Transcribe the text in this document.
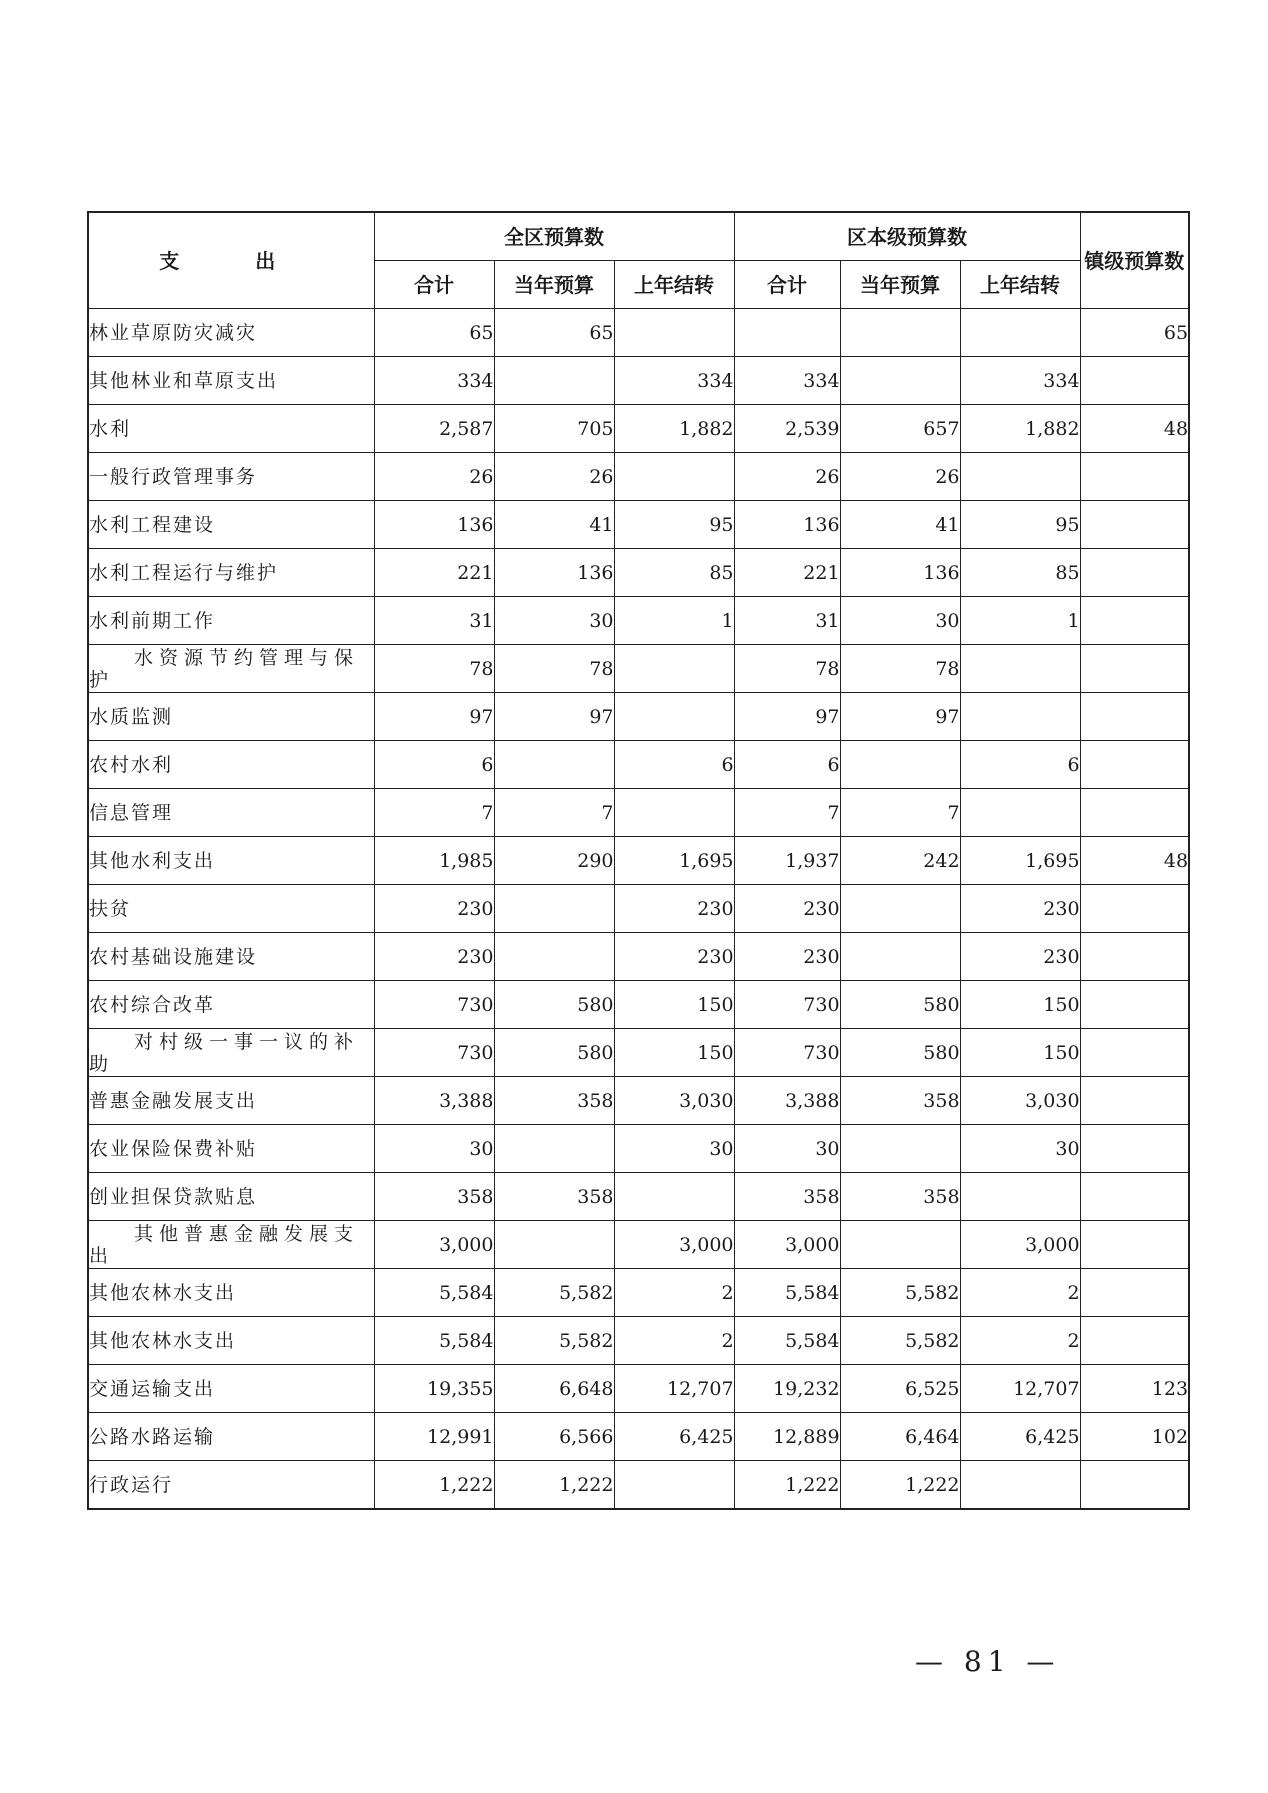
支　出	全区预算数			区本级预算数			镇级预算数
	合计	当年预算	上年结转	合计	当年预算	上年结转	
林业草原防灾减灾	65	65					65
其他林业和草原支出	334		334	334		334	
水利	2,587	705	1,882	2,539	657	1,882	48
一般行政管理事务	26	26		26	26		
水利工程建设	136	41	95	136	41	95	
水利工程运行与维护	221	136	85	221	136	85	
水利前期工作	31	30	1	31	30	1	
水资源节约管理与保护	78	78		78	78		
水质监测	97	97		97	97		
农村水利	6		6	6		6	
信息管理	7	7		7	7		
其他水利支出	1,985	290	1,695	1,937	242	1,695	48
扶贫	230		230	230		230	
农村基础设施建设	230		230	230		230	
农村综合改革	730	580	150	730	580	150	
对村级一事一议的补助	730	580	150	730	580	150	
普惠金融发展支出	3,388	358	3,030	3,388	358	3,030	
农业保险保费补贴	30		30	30		30	
创业担保贷款贴息	358	358		358	358		
其他普惠金融发展支出	3,000		3,000	3,000		3,000	
其他农林水支出	5,584	5,582	2	5,584	5,582	2	
其他农林水支出	5,584	5,582	2	5,584	5,582	2	
交通运输支出	19,355	6,648	12,707	19,232	6,525	12,707	123
公路水路运输	12,991	6,566	6,425	12,889	6,464	6,425	102
行政运行	1,222	1,222		1,222	1,222		
— 81 —
